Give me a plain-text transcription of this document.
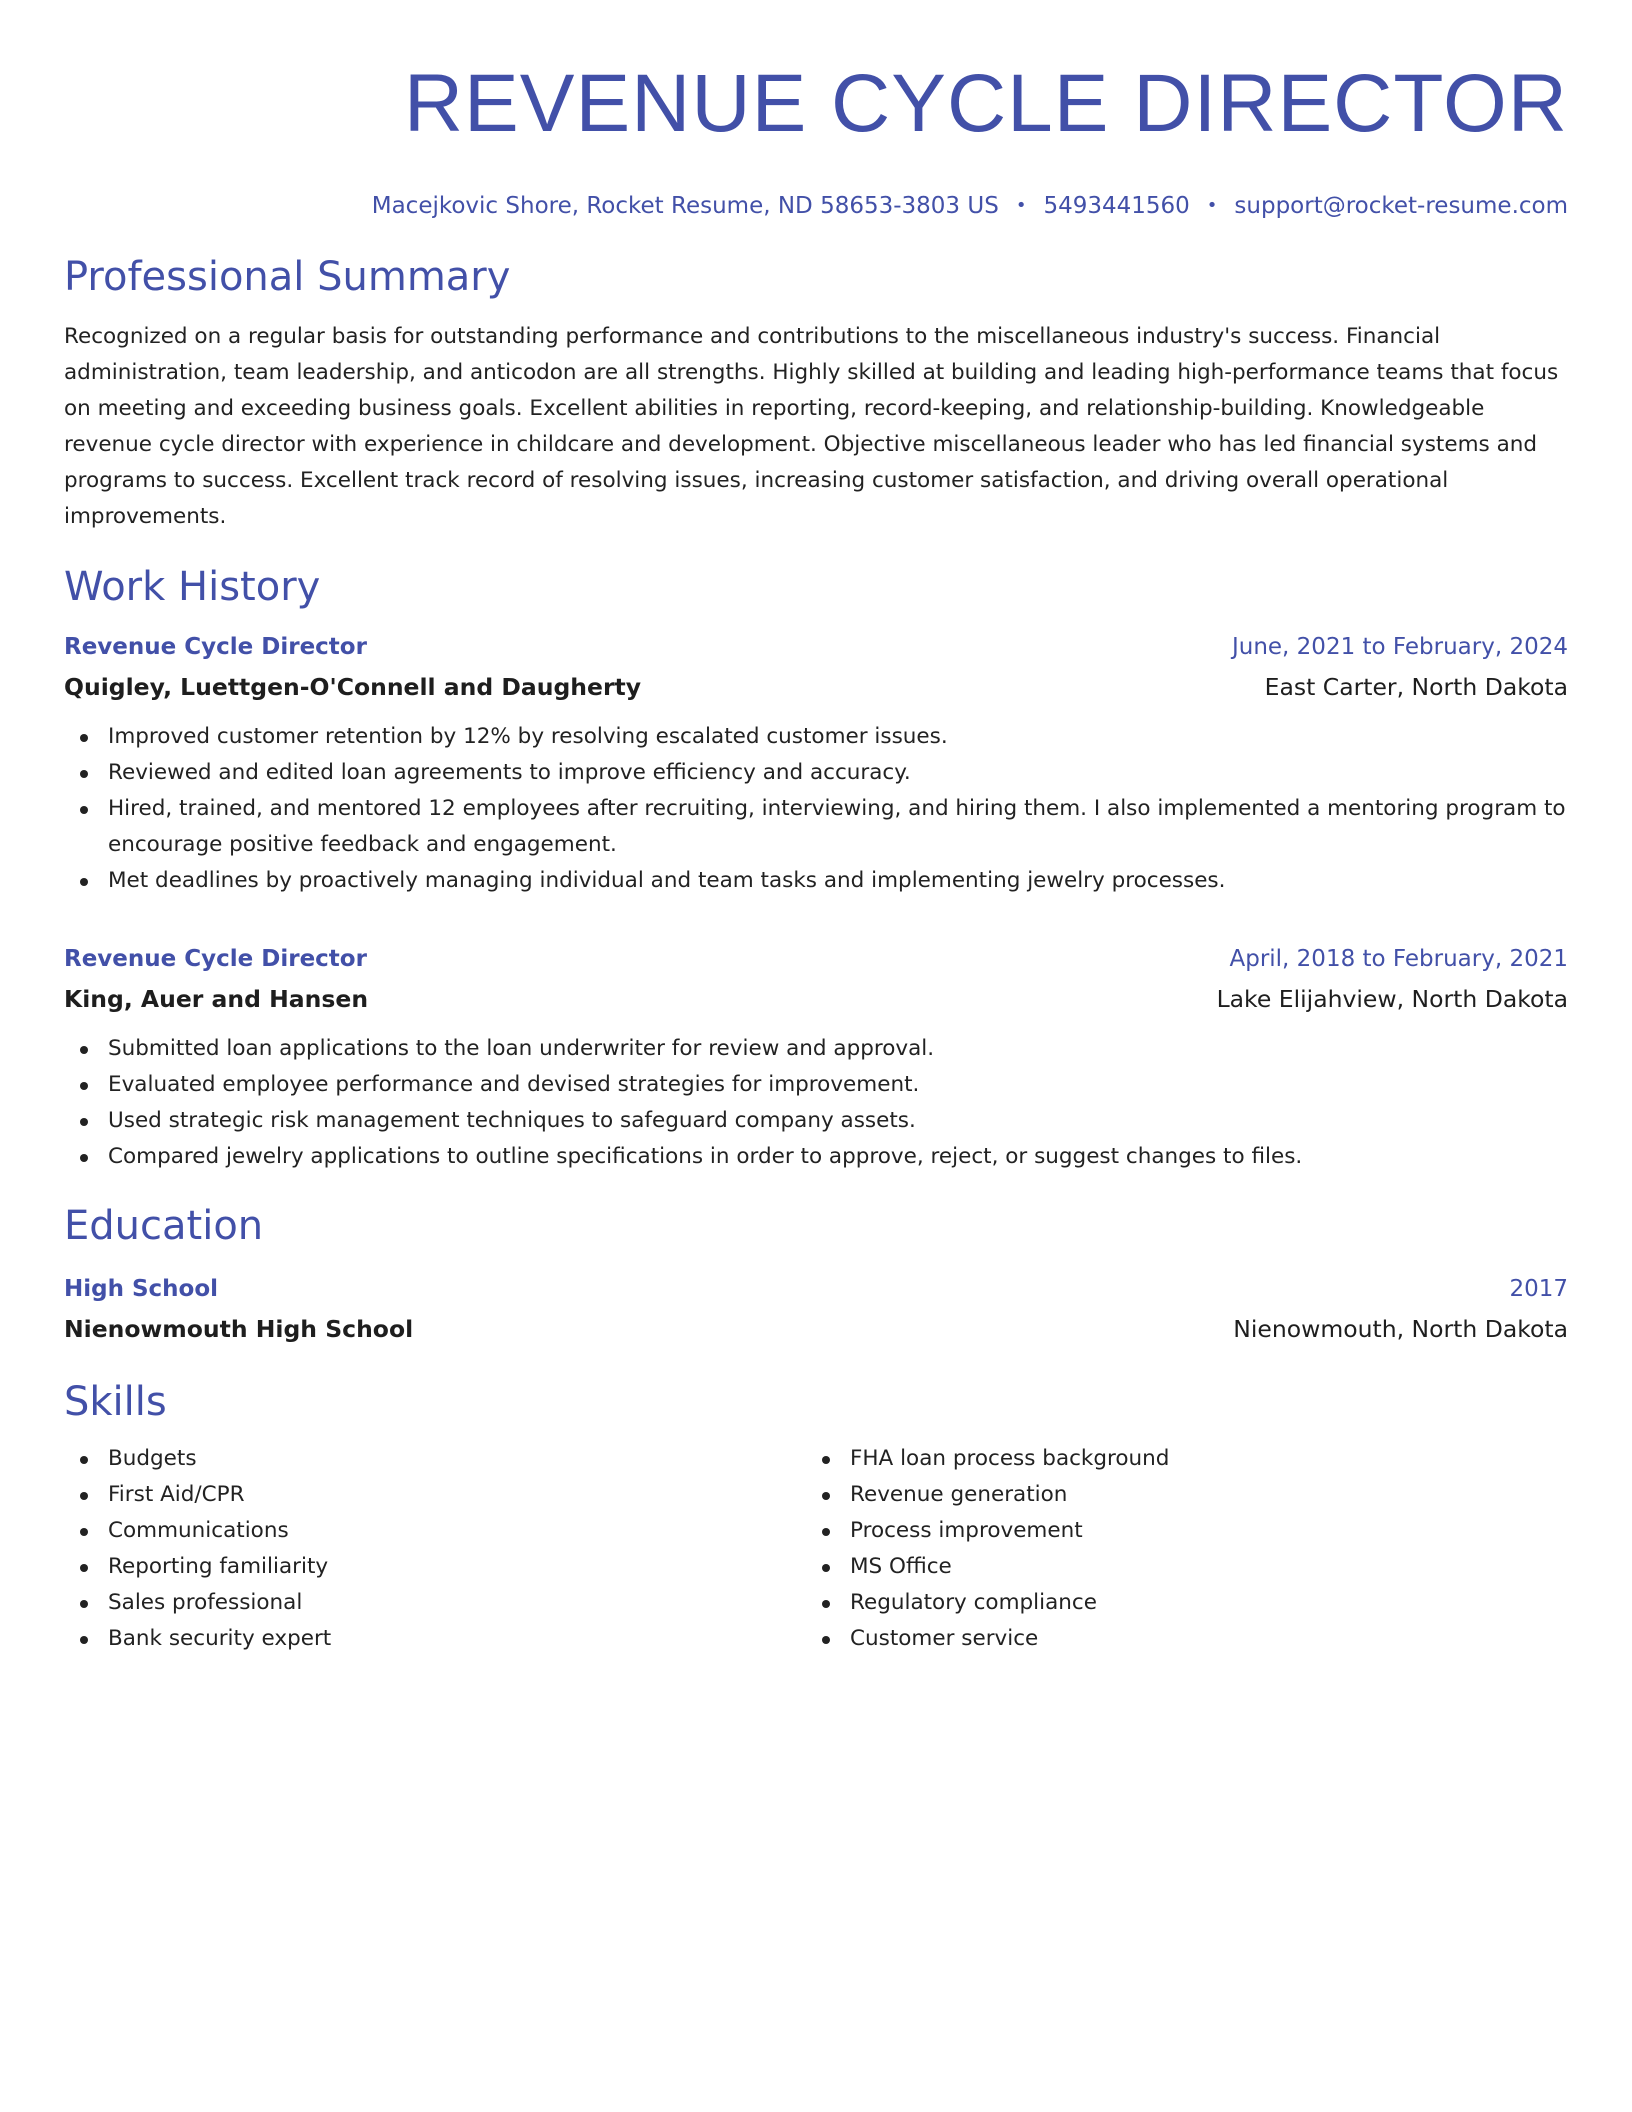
REVENUE CYCLE DIRECTOR
Macejkovic Shore, Rocket Resume, ND 58653-3803 US • 5493441560 • support@rocket-resume.com
Professional Summary
Recognized on a regular basis for outstanding performance and contributions to the miscellaneous industry's success. Financial administration, team leadership, and anticodon are all strengths. Highly skilled at building and leading high-performance teams that focus on meeting and exceeding business goals. Excellent abilities in reporting, record-keeping, and relationship-building. Knowledgeable revenue cycle director with experience in childcare and development. Objective miscellaneous leader who has led financial systems and programs to success. Excellent track record of resolving issues, increasing customer satisfaction, and driving overall operational improvements.
Work History
Revenue Cycle Director	June, 2021 to February, 2024
Quigley, Luettgen-O'Connell and Daugherty	East Carter, North Dakota
Improved customer retention by 12% by resolving escalated customer issues.
Reviewed and edited loan agreements to improve efficiency and accuracy.
Hired, trained, and mentored 12 employees after recruiting, interviewing, and hiring them. I also implemented a mentoring program to encourage positive feedback and engagement.
Met deadlines by proactively managing individual and team tasks and implementing jewelry processes.
Revenue Cycle Director	April, 2018 to February, 2021
King, Auer and Hansen	Lake Elijahview, North Dakota
Submitted loan applications to the loan underwriter for review and approval.
Evaluated employee performance and devised strategies for improvement.
Used strategic risk management techniques to safeguard company assets.
Compared jewelry applications to outline specifications in order to approve, reject, or suggest changes to files.
Education
High School	2017
Nienowmouth High School	Nienowmouth, North Dakota
Skills
Budgets
First Aid/CPR
Communications
Reporting familiarity
Sales professional
Bank security expert
FHA loan process background
Revenue generation
Process improvement
MS Office
Regulatory compliance
Customer service
